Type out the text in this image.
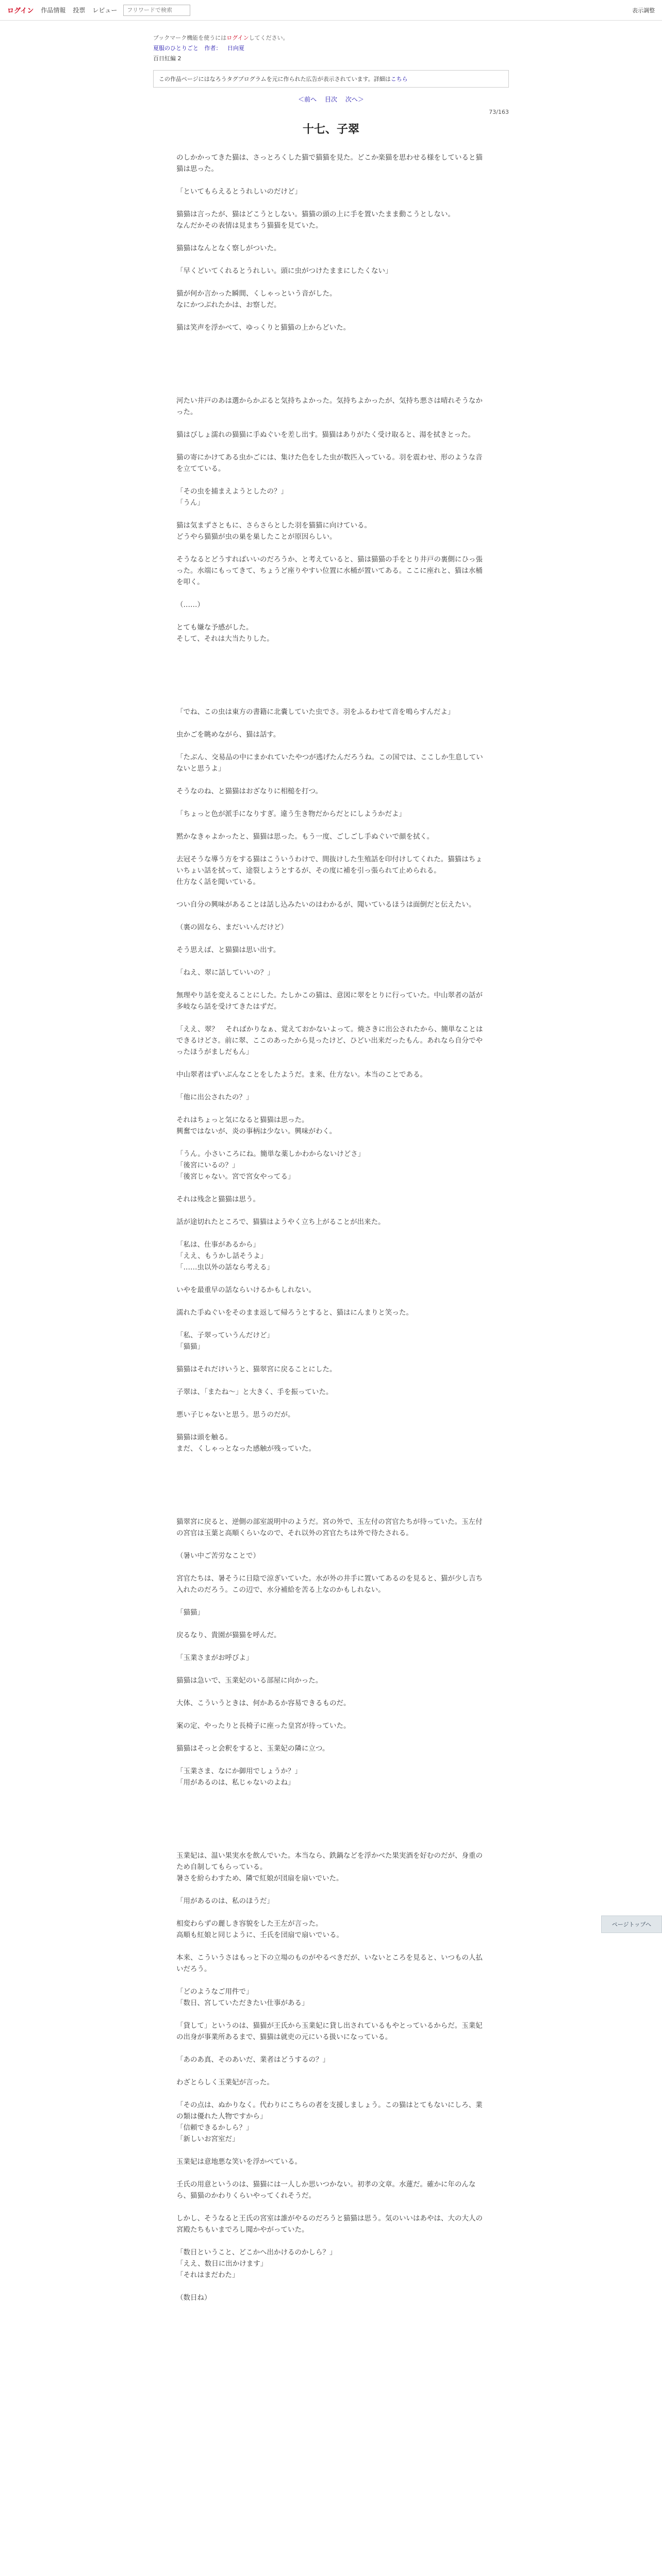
ログイン 作品情報 投票 レビュー
フリワードで検索	表示調整
ブックマーク機能を使うにはログインしてください。
夏服のひとりごと 作者： 日向夏
百日紅編 2
この作品ページにはなろうタグプログラムを元に作られた広告が表示されています。詳細はこちら
＜前へ 目次 次へ＞
73/163
十七、子翠
のしかかってきた猫は、さっとろくした猫で猫猫を見た。どこか楽猫を思わせる様をしていると猫猫は思った。
「といてもらえるとうれしいのだけど」
猫猫は言ったが、猫はどこうとしない。猫猫の頭の上に手を置いたまま動こうとしない。
なんだかその表情は見まちう猫猫を見ていた。
猫猫はなんとなく察しがついた。
「早くどいてくれるとうれしい。頭に虫がつけたままにしたくない」
猫が何か言かった瞬間、くしゃっという音がした。
なにかつぶれたかは、お察しだ。
猫は笑声を浮かべて、ゆっくりと猫猫の上からどいた。
河たい井戸のあは選からかぶると気持ちよかった。気持ちよかったが、気持ち悪さは晴れそうなかった。
猫はびしょ濡れの猫猫に手ぬぐいを差し出す。猫猫はありがたく受け取ると、湯を拭きとった。
猫の寄にかけてある虫かごには、集けた色をした虫が数匹入っている。羽を震わせ、形のような音を立てている。
「その虫を捕まえようとしたの？」
「うん」
猫は気まずさともに、さらさらとした羽を猫猫に向けている。
どうやら猫猫が虫の巣を巣したことが原因らしい。
そうなるとどうすればいいのだろうか、と考えていると、猫は猫猫の手をとり井戸の裏側にひっ張った。水端にもってきて、ちょうど座りやすい位置に水桶が置いてある。ここに座れと、猫は水桶を叩く。
（……）
とても嫌な予感がした。
そして、それは大当たりした。
「でね、この虫は東方の書籍に北嚢していた虫でさ。羽をふるわせて音を鳴らすんだよ」
虫かごを眺めながら、猫は話す。
「たぶん、交易品の中にまかれていたやつが逃げたんだろうね。この国では、ここしか生息していないと思うよ」
そうなのね、と猫猫はおざなりに相槌を打つ。
「ちょっと色が派手になりすぎ。違う生き物だからだとにしようかだよ」
黙かなきゃよかったと、猫猫は思った。もう一度、ごしごし手ぬぐいで顔を拭く。
去冠そうな導う方をする猫はこういうわけで、間抜けした生殖話を印付けしてくれた。猫猫はちょいちょい話を拭って、途裂しようとするが、その度に補を引っ張られて止められる。
仕方なく話を聞いている。
つい自分の興味があることは話し込みたいのはわかるが、聞いているほうは面倒だと伝えたい。
（裏の固なら、まだいいんだけど）
そう思えば、と猫猫は思い出す。
「ねえ、翠に話していいの？」
無理やり話を変えることにした。たしかこの猫は、意図に翠をとりに行っていた。中山翠者の話が多岐なら話を受けてきたはずだ。
「ええ、翠？　そればかりなぁ、覚えておかないよって。焼さきに出公されたから、簡単なことはできるけどさ。前に翠、ここのあったから見ったけど、ひどい出来だったもん。あれなら自分でやったほうがましだもん」
中山翠者はずいぶんなことをしたようだ。ま来、仕方ない。本当のことである。
「他に出公されたの？」
それはちょっと気になると猫猫は思った。
興奮ではないが、炎の事柄は少ない。興味がわく。
「うん。小さいころにね。簡単な薬しかわからないけどさ」
「後宮にいるの？」
「後宮じゃない。宮で宮女やってる」
それは残念と猫猫は思う。
話が途切れたところで、猫猫はようやく立ち上がることが出来た。
「私は、仕事があるから」
「ええ、もうかし話そうよ」
「……虫以外の話なら考える」
いやを最重早の話ならいけるかもしれない。
濡れた手ぬぐいをそのまま返して帰ろうとすると、猫はにんまりと笑った。
「私、子翠っていうんだけど」
「猫猫」
猫猫はそれだけいうと、猫翠宮に戻ることにした。
子翠は、「またね～」と大きく、手を振っていた。
悪い子じゃないと思う。思うのだが。
猫猫は頭を触る。
まだ、くしゃっとなった感触が残っていた。
猫翠宮に戻ると、逆側の部室説明中のようだ。宮の外で、玉左付の宮官たちが待っていた。玉左付の宮官は玉葉と高順くらいなので、それ以外の宮官たちは外で待たされる。
（暑い中ご苦労なことで）
宮官たちは、暑そうに日陰で涼ぎいていた。水が外の井手に置いてあるのを見ると、猫が少し吉ち入れたのだろう。この辺で、水分補給を苦る上なのかもしれない。
「猫猫」
戻るなり、貴園が猫猫を呼んだ。
「玉業さまがお呼びよ」
猫猫は急いで、玉業妃のいる部屋に向かった。
大体、こういうときは、何かあるか容易できるものだ。
案の定、やったりと長椅子に座った皇宮が待っていた。
猫猫はそっと会釈をすると、玉業妃の隣に立つ。
「玉業さま、なにか御用でしょうか？」
「用があるのは、私じゃないのよね」
玉業妃は、温い果実水を飲んでいた。本当なら、鉄鍋などを浮かべた果実酒を好むのだが、身重のため自制してもらっている。
暑さを紛らわすため、隣で紅娘が団扇を扇いでいた。
「用があるのは、私のほうだ」
相変わらずの麗しき容貌をした王左が言った。
高順も紅娘と同じように、壬氏を団扇で扇いでいる。
本来、こういうさはもっと下の立場のものがやるべきだが、いないところを見ると、いつもの人払いだろう。
「どのようなご用件で」
「数日、宮していただきたい仕事がある」
「貸して」というのは、猫猫が王氏から玉業妃に貸し出されているもやとっているからだ。玉業妃の出身が事業所あるまで、猫猫は就吏の元にいる扱いになっている。
「あのあ真、そのあいだ、業者はどうするの？」
わざとらしく玉業妃が言った。
「その点は、ぬかりなく。代わりにこちらの者を支援しましょう。この猫はとてもないにしろ、業の類は優れた人物ですから」
「信頼できるかしら？」
「新しいお宮室だ」
玉業妃は意地悪な笑いを浮かべている。
壬氏の用意というのは、猫猫には一人しか思いつかない。初孝の文章。水蓮だ。確かに年のんなら、猫猫のかわりくらいやってくれそうだ。
しかし、そうなると王氏の宮室は誰がやるのだろうと猫猫は思う。気のいいはあやは、大の大人の宮殿たちもいまでろし聞かやがっていた。
「数日ということ、どこかへ出かけるのかしら？」
「ええ、数日に出かけます」
「それはまだわた」
（数日ね）
ページトップへ
